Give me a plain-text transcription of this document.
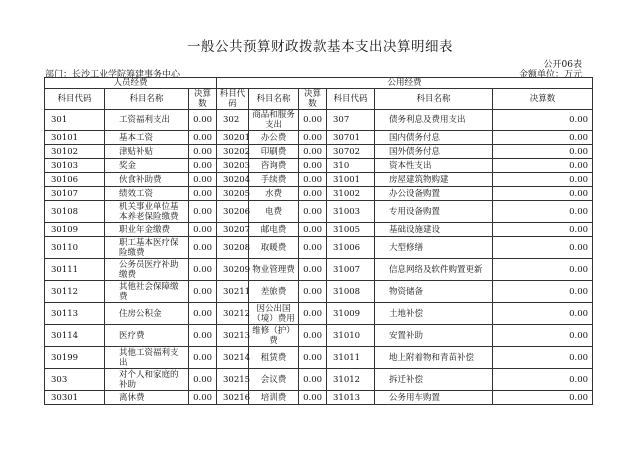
一般公共预算财政拨款基本支出决算明细表
公开06表
部门：长沙工业学院筹建事务中心	金额单位：万元
人员经费			公用经费					
科目代码	科目名称	决算数	科目代码	科目名称	决算数	科目代码	科目名称	决算数
301	工资福利支出	0.00	302	商品和服务支出	0.00	307	债务利息及费用支出	0.00
30101	基本工资	0.00	30201	办公费	0.00	30701	国内债务付息	0.00
30102	津贴补贴	0.00	30202	印刷费	0.00	30702	国外债务付息	0.00
30103	奖金	0.00	30203	咨询费	0.00	310	资本性支出	0.00
30106	伙食补助费	0.00	30204	手续费	0.00	31001	房屋建筑物购建	0.00
30107	绩效工资	0.00	30205	水费	0.00	31002	办公设备购置	0.00
30108	机关事业单位基本养老保险缴费	0.00	30206	电费	0.00	31003	专用设备购置	0.00
30109	职业年金缴费	0.00	30207	邮电费	0.00	31005	基础设施建设	0.00
30110	职工基本医疗保险缴费	0.00	30208	取暖费	0.00	31006	大型修缮	0.00
30111	公务员医疗补助缴费	0.00	30209	物业管理费	0.00	31007	信息网络及软件购置更新	0.00
30112	其他社会保障缴费	0.00	30211	差旅费	0.00	31008	物资储备	0.00
30113	住房公积金	0.00	30212	因公出国（境）费用	0.00	31009	土地补偿	0.00
30114	医疗费	0.00	30213	维修（护）费	0.00	31010	安置补助	0.00
30199	其他工资福利支出	0.00	30214	租赁费	0.00	31011	地上附着物和青苗补偿	0.00
303	对个人和家庭的补助	0.00	30215	会议费	0.00	31012	拆迁补偿	0.00
30301	离休费	0.00	30216	培训费	0.00	31013	公务用车购置	0.00
